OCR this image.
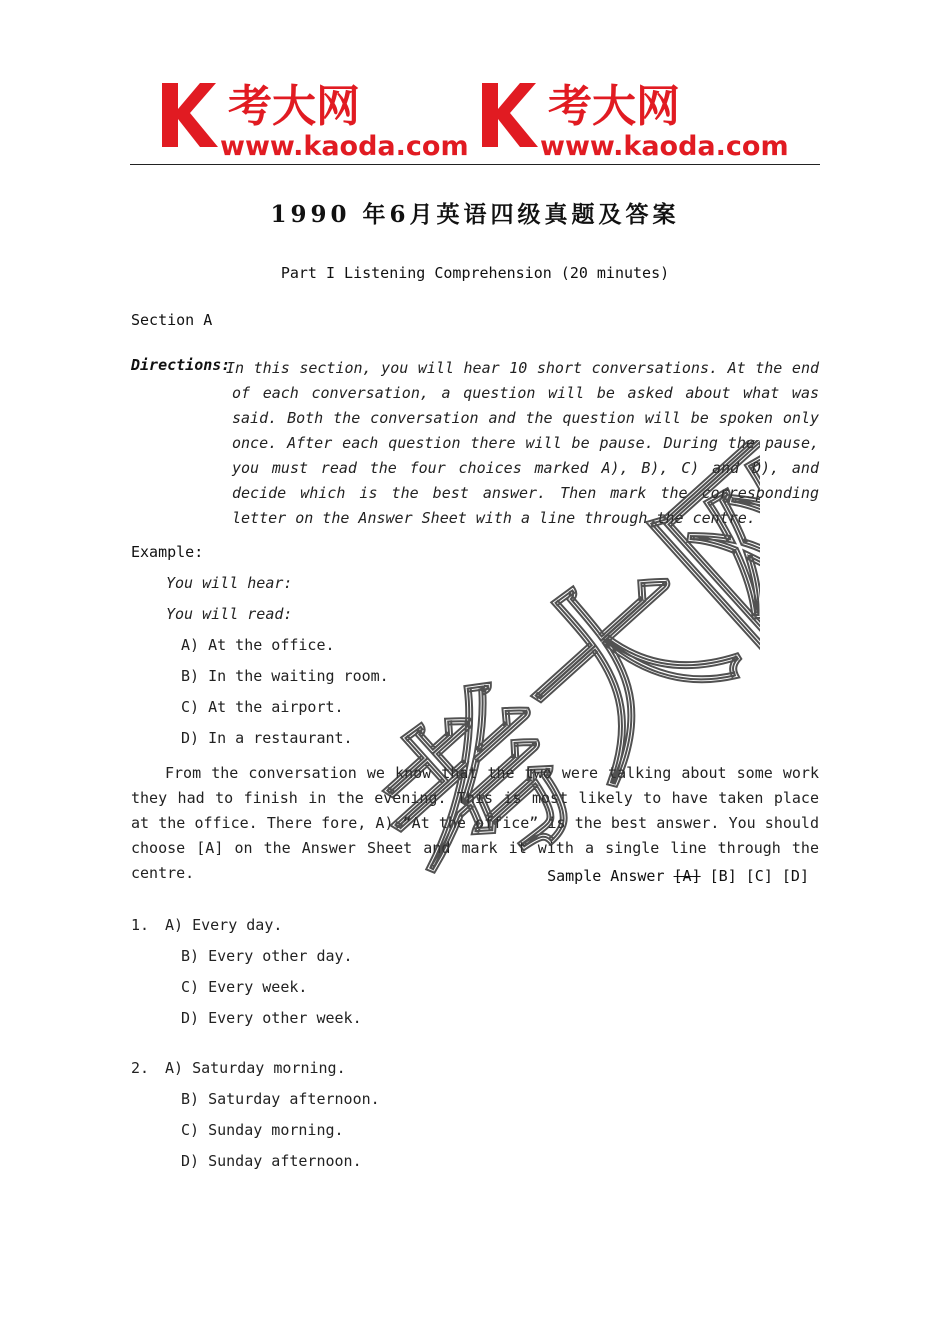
考大网
www.kaoda.com
考大网
www.kaoda.com
1990 年6月英语四级真题及答案
Part I Listening Comprehension (20 minutes)
Section A
Directions:
In this section, you will hear 10 short conversations. At the end of each conversation, a question will be asked about what was said. Both the conversation and the question will be spoken only once. After each question there will be pause. During the pause, you must read the four choices marked A), B), C) and D), and decide which is the best answer. Then mark the corresponding letter on the Answer Sheet with a line through the centre.
Example:
You will hear:
You will read:
A) At the office.
B) In the waiting room.
C) At the airport.
D) In a restaurant.
From the conversation we know that the two were talking about some work they had to finish in the evening. This is most likely to have taken place at the office. There fore, A) “At the office” is the best answer. You should choose [A] on the Answer Sheet and mark it with a single line through the centre.	Sample Answer [A] [B] [C] [D]
1. A) Every day.
B) Every other day.
C) Every week.
D) Every other week.
2. A) Saturday morning.
B) Saturday afternoon.
C) Sunday morning.
D) Sunday afternoon.
考大网
